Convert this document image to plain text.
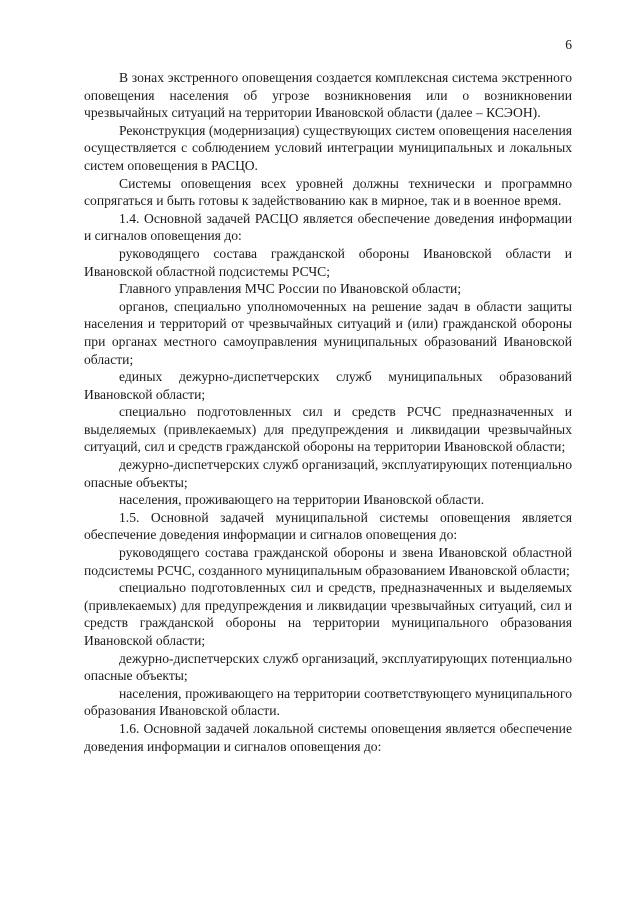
6

В зонах экстренного оповещения создается комплексная система экстренного оповещения населения об угрозе возникновения или о возникновении чрезвычайных ситуаций на территории Ивановской области (далее – КСЭОН).

Реконструкция (модернизация) существующих систем оповещения населения осуществляется с соблюдением условий интеграции муниципальных и локальных систем оповещения в РАСЦО.

Системы оповещения всех уровней должны технически и программно сопрягаться и быть готовы к задействованию как в мирное, так и в военное время.

1.4. Основной задачей РАСЦО является обеспечение доведения информации и сигналов оповещения до:

руководящего состава гражданской обороны Ивановской области и Ивановской областной подсистемы РСЧС;

Главного управления МЧС России по Ивановской области;

органов, специально уполномоченных на решение задач в области защиты населения и территорий от чрезвычайных ситуаций и (или) гражданской обороны при органах местного самоуправления муниципальных образований Ивановской области;

единых дежурно-диспетчерских служб муниципальных образований Ивановской области;

специально подготовленных сил и средств РСЧС предназначенных и выделяемых (привлекаемых) для предупреждения и ликвидации чрезвычайных ситуаций, сил и средств гражданской обороны на территории Ивановской области;

дежурно-диспетчерских служб организаций, эксплуатирующих потенциально опасные объекты;

населения, проживающего на территории Ивановской области.

1.5. Основной задачей муниципальной системы оповещения является обеспечение доведения информации и сигналов оповещения до:

руководящего состава гражданской обороны и звена Ивановской областной подсистемы РСЧС, созданного муниципальным образованием Ивановской области;

специально подготовленных сил и средств, предназначенных и выделяемых (привлекаемых) для предупреждения и ликвидации чрезвычайных ситуаций, сил и средств гражданской обороны на территории муниципального образования Ивановской области;

дежурно-диспетчерских служб организаций, эксплуатирующих потенциально опасные объекты;

населения, проживающего на территории соответствующего муниципального образования Ивановской области.

1.6. Основной задачей локальной системы оповещения является обеспечение доведения информации и сигналов оповещения до:
